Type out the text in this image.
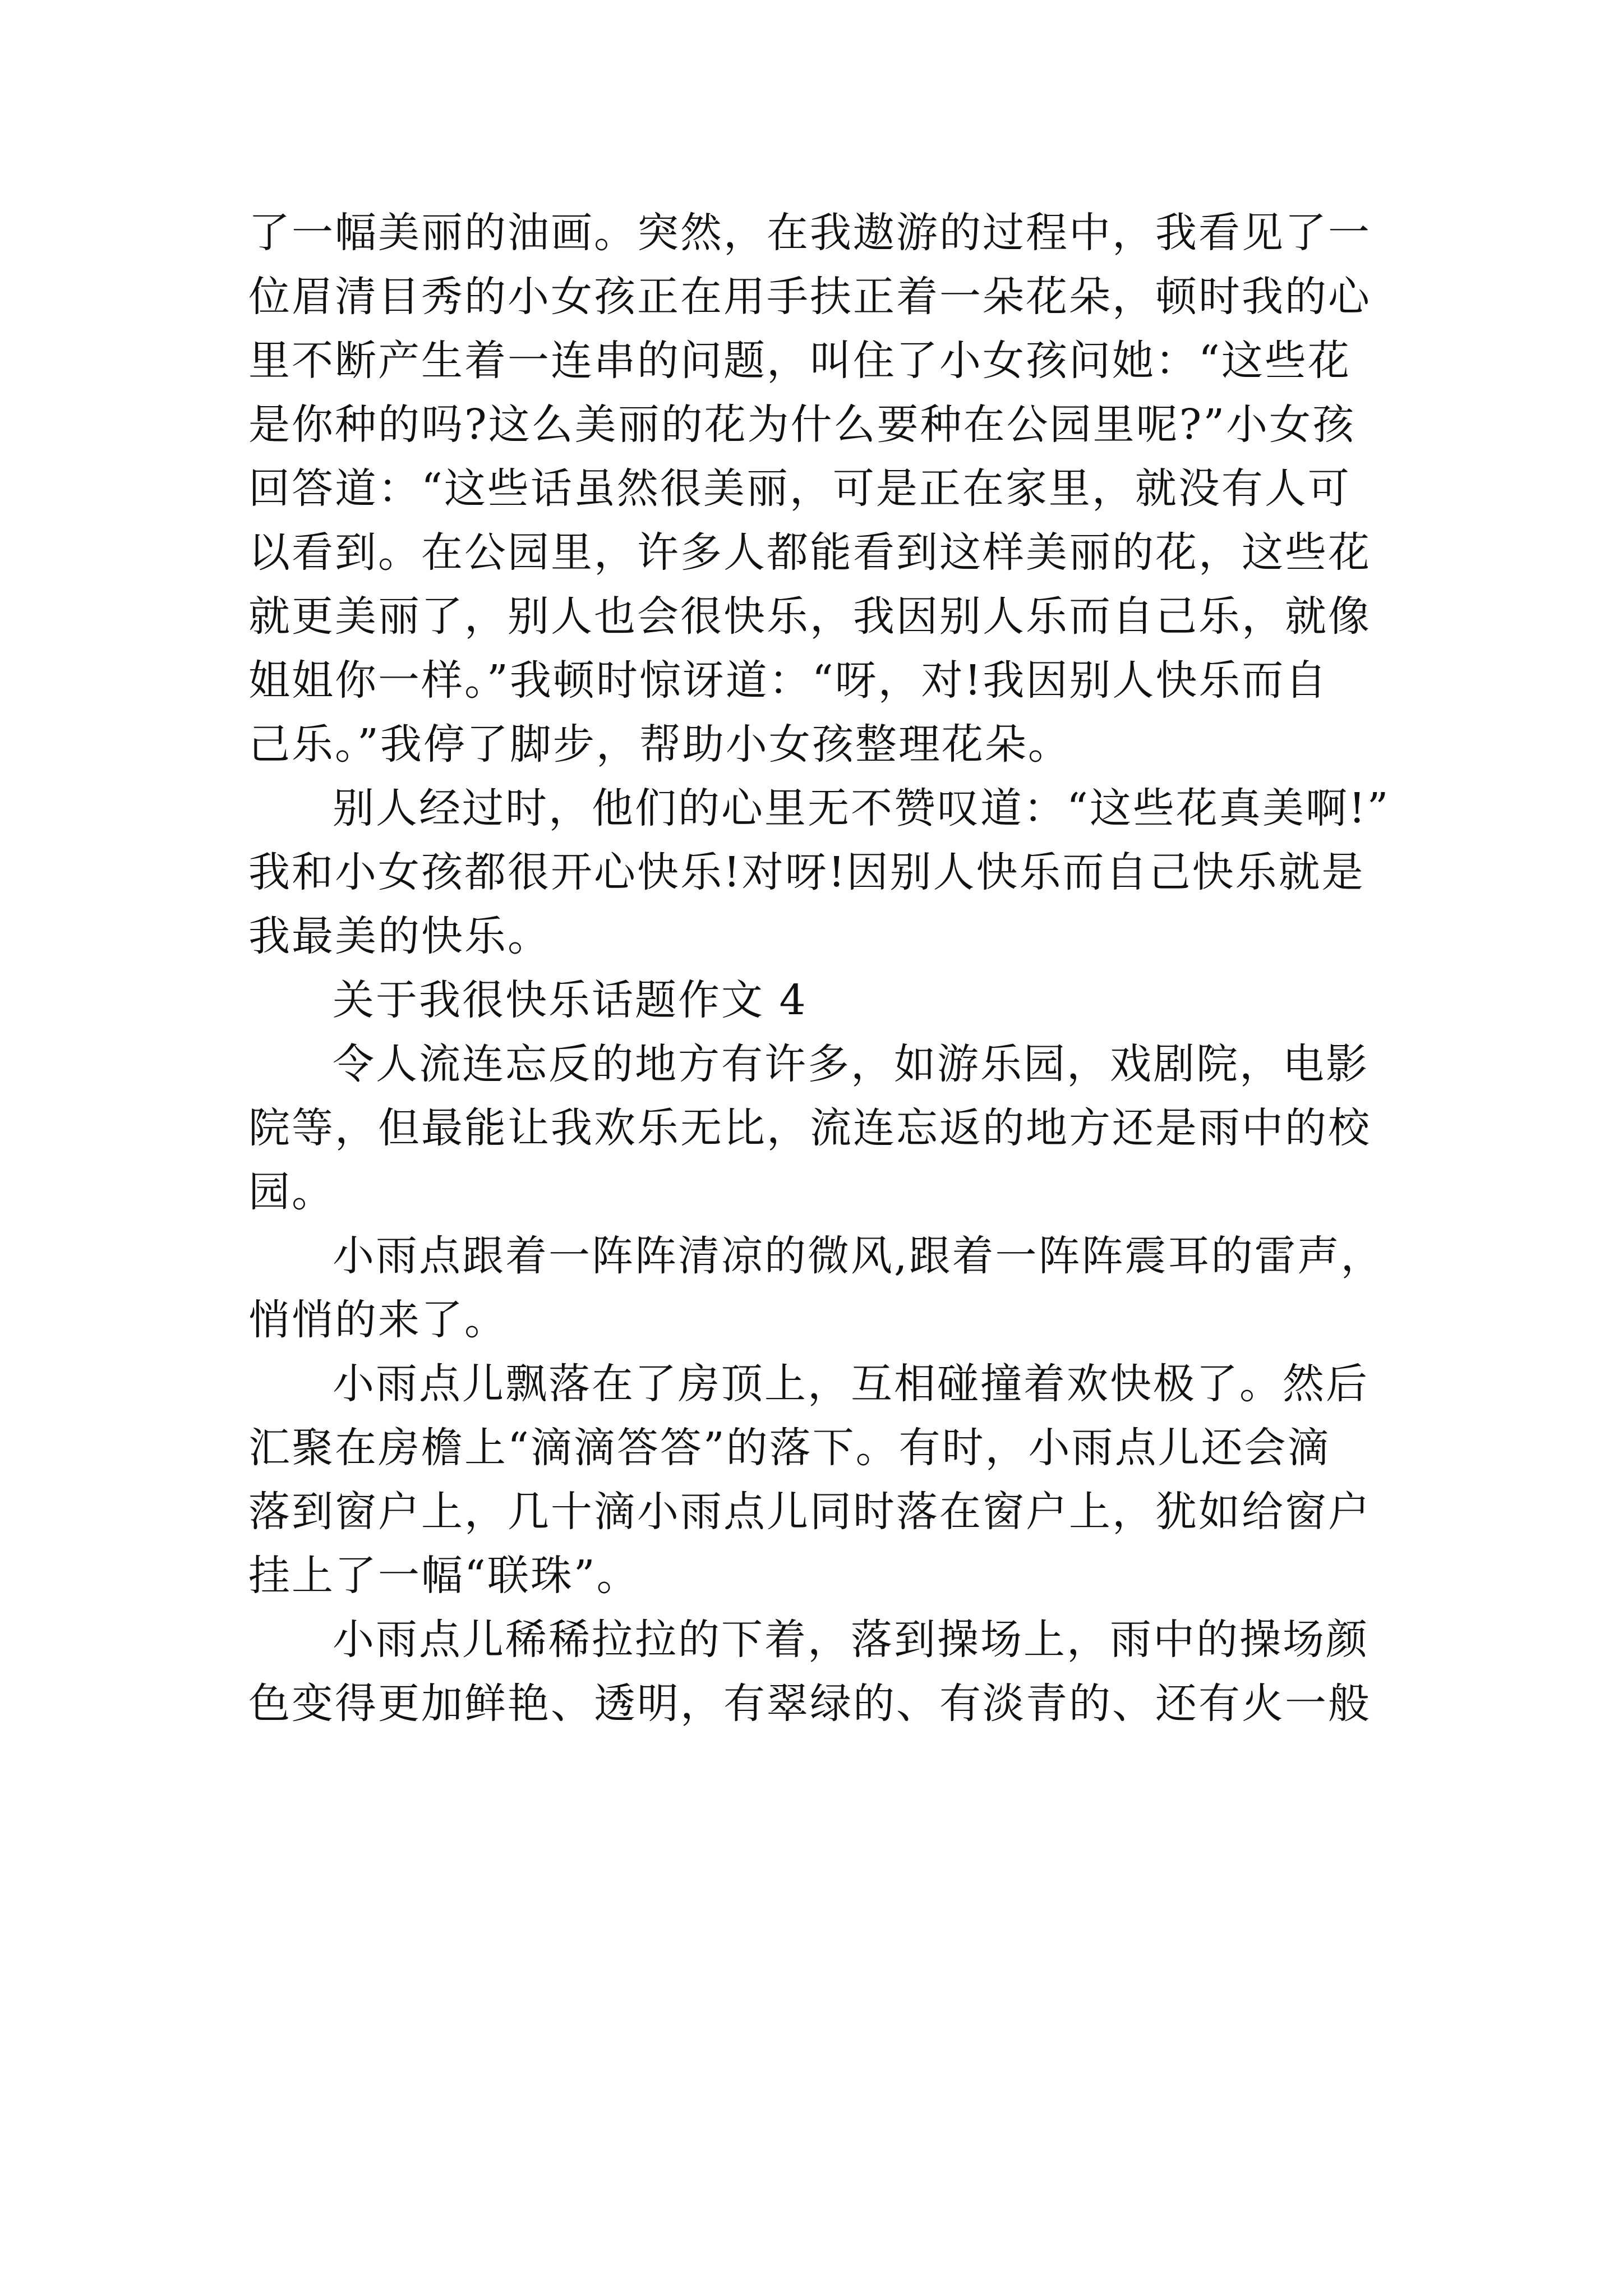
了一幅美丽的油画。突然，在我遨游的过程中，我看见了一
位眉清目秀的小女孩正在用手扶正着一朵花朵，顿时我的心
里不断产生着一连串的问题，叫住了小女孩问她：“这些花
是你种的吗?这么美丽的花为什么要种在公园里呢?”小女孩
回答道：“这些话虽然很美丽，可是正在家里，就没有人可
以看到。在公园里，许多人都能看到这样美丽的花，这些花
就更美丽了，别人也会很快乐，我因别人乐而自己乐，就像
姐姐你一样。”我顿时惊讶道：“呀，对!我因别人快乐而自
己乐。”我停了脚步，帮助小女孩整理花朵。

别人经过时，他们的心里无不赞叹道：“这些花真美啊!”
我和小女孩都很开心快乐!对呀!因别人快乐而自己快乐就是
我最美的快乐。

关于我很快乐话题作文 4

令人流连忘反的地方有许多，如游乐园，戏剧院，电影
院等，但最能让我欢乐无比，流连忘返的地方还是雨中的校
园。

小雨点跟着一阵阵清凉的微风,跟着一阵阵震耳的雷声，
悄悄的来了。

小雨点儿飘落在了房顶上，互相碰撞着欢快极了。然后
汇聚在房檐上“滴滴答答”的落下。有时，小雨点儿还会滴
落到窗户上，几十滴小雨点儿同时落在窗户上，犹如给窗户
挂上了一幅“联珠”。

小雨点儿稀稀拉拉的下着，落到操场上，雨中的操场颜
色变得更加鲜艳、透明，有翠绿的、有淡青的、还有火一般
